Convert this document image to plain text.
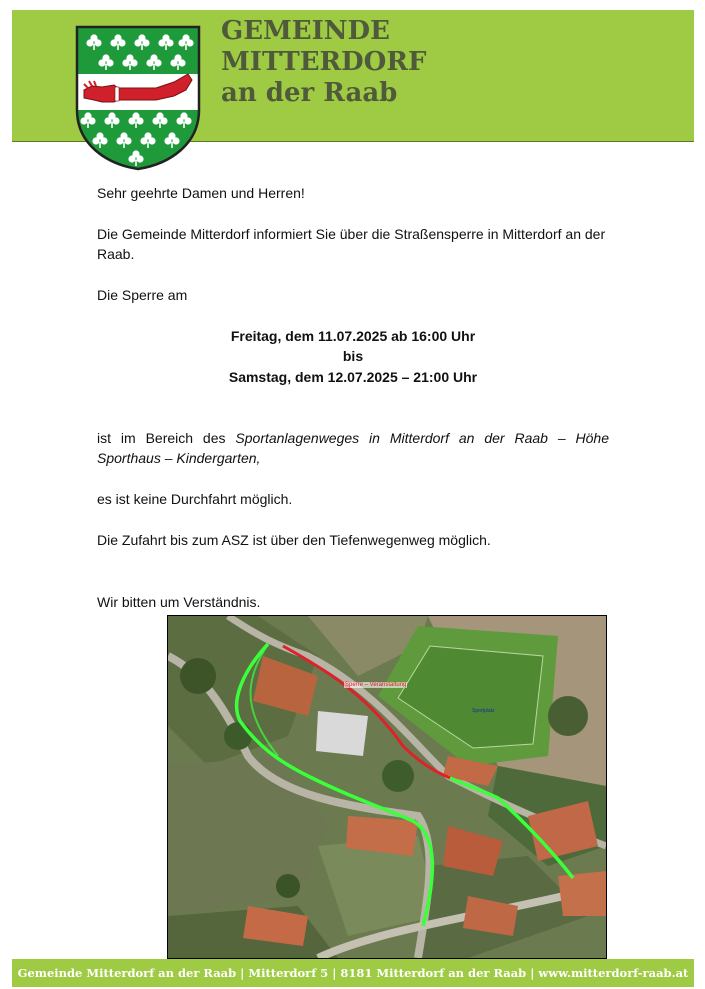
GEMEINDE
MITTERDORF
an der Raab
Sehr geehrte Damen und Herren!
Die Gemeinde Mitterdorf informiert Sie über die Straßensperre in Mitterdorf an der Raab.
Die Sperre am
Freitag, dem 11.07.2025 ab 16:00 Uhr
bis
Samstag, dem 12.07.2025 – 21:00 Uhr
ist im Bereich des Sportanlagenweges in Mitterdorf an der Raab – Höhe Sporthaus – Kindergarten,
es ist keine Durchfahrt möglich.
Die Zufahrt bis zum ASZ ist über den Tiefenwegenweg möglich.
Wir bitten um Verständnis.
Sperre – Veranstaltung
Sportplatz
Gemeinde Mitterdorf an der Raab | Mitterdorf 5 | 8181 Mitterdorf an der Raab | www.mitterdorf-raab.at
